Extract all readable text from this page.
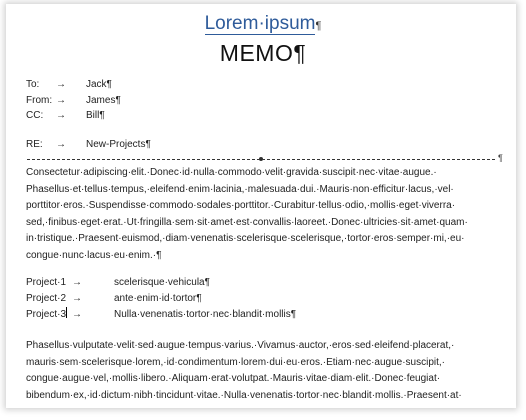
Lorem·ipsum¶
MEMO¶
To: → Jack¶
From: → James¶
CC: → Bill¶
RE: → New-Projects¶
¶
Consectetur·adipiscing·elit.·Donec·id·nulla·commodo·velit·gravida·suscipit·nec·vitae·augue.·
Phasellus·et·tellus·tempus,·eleifend·enim·lacinia,·malesuada·dui.·Mauris·non·efficitur·lacus,·vel·
porttitor·eros.·Suspendisse·commodo·sodales·porttitor.·Curabitur·tellus·odio,·mollis·eget·viverra·
sed,·finibus·eget·erat.·Ut·fringilla·sem·sit·amet·est·convallis·laoreet.·Donec·ultricies·sit·amet·quam·
in·tristique.·Praesent·euismod,·diam·venenatis·scelerisque·scelerisque,·tortor·eros·semper·mi,·eu·
congue·nunc·lacus·eu·enim.·¶
Project·1 →	scelerisque·vehicula¶
Project·2 →	ante·enim·id·tortor¶
Project·3 →	Nulla·venenatis·tortor·nec·blandit·mollis¶
Phasellus·vulputate·velit·sed·augue·tempus·varius.·Vivamus·auctor,·eros·sed·eleifend·placerat,·
mauris·sem·scelerisque·lorem,·id·condimentum·lorem·dui·eu·eros.·Etiam·nec·augue·suscipit,·
congue·augue·vel,·mollis·libero.·Aliquam·erat·volutpat.·Mauris·vitae·diam·elit.·Donec·feugiat·
bibendum·ex,·id·dictum·nibh·tincidunt·vitae.·Nulla·venenatis·tortor·nec·blandit·mollis.·Praesent·at·
